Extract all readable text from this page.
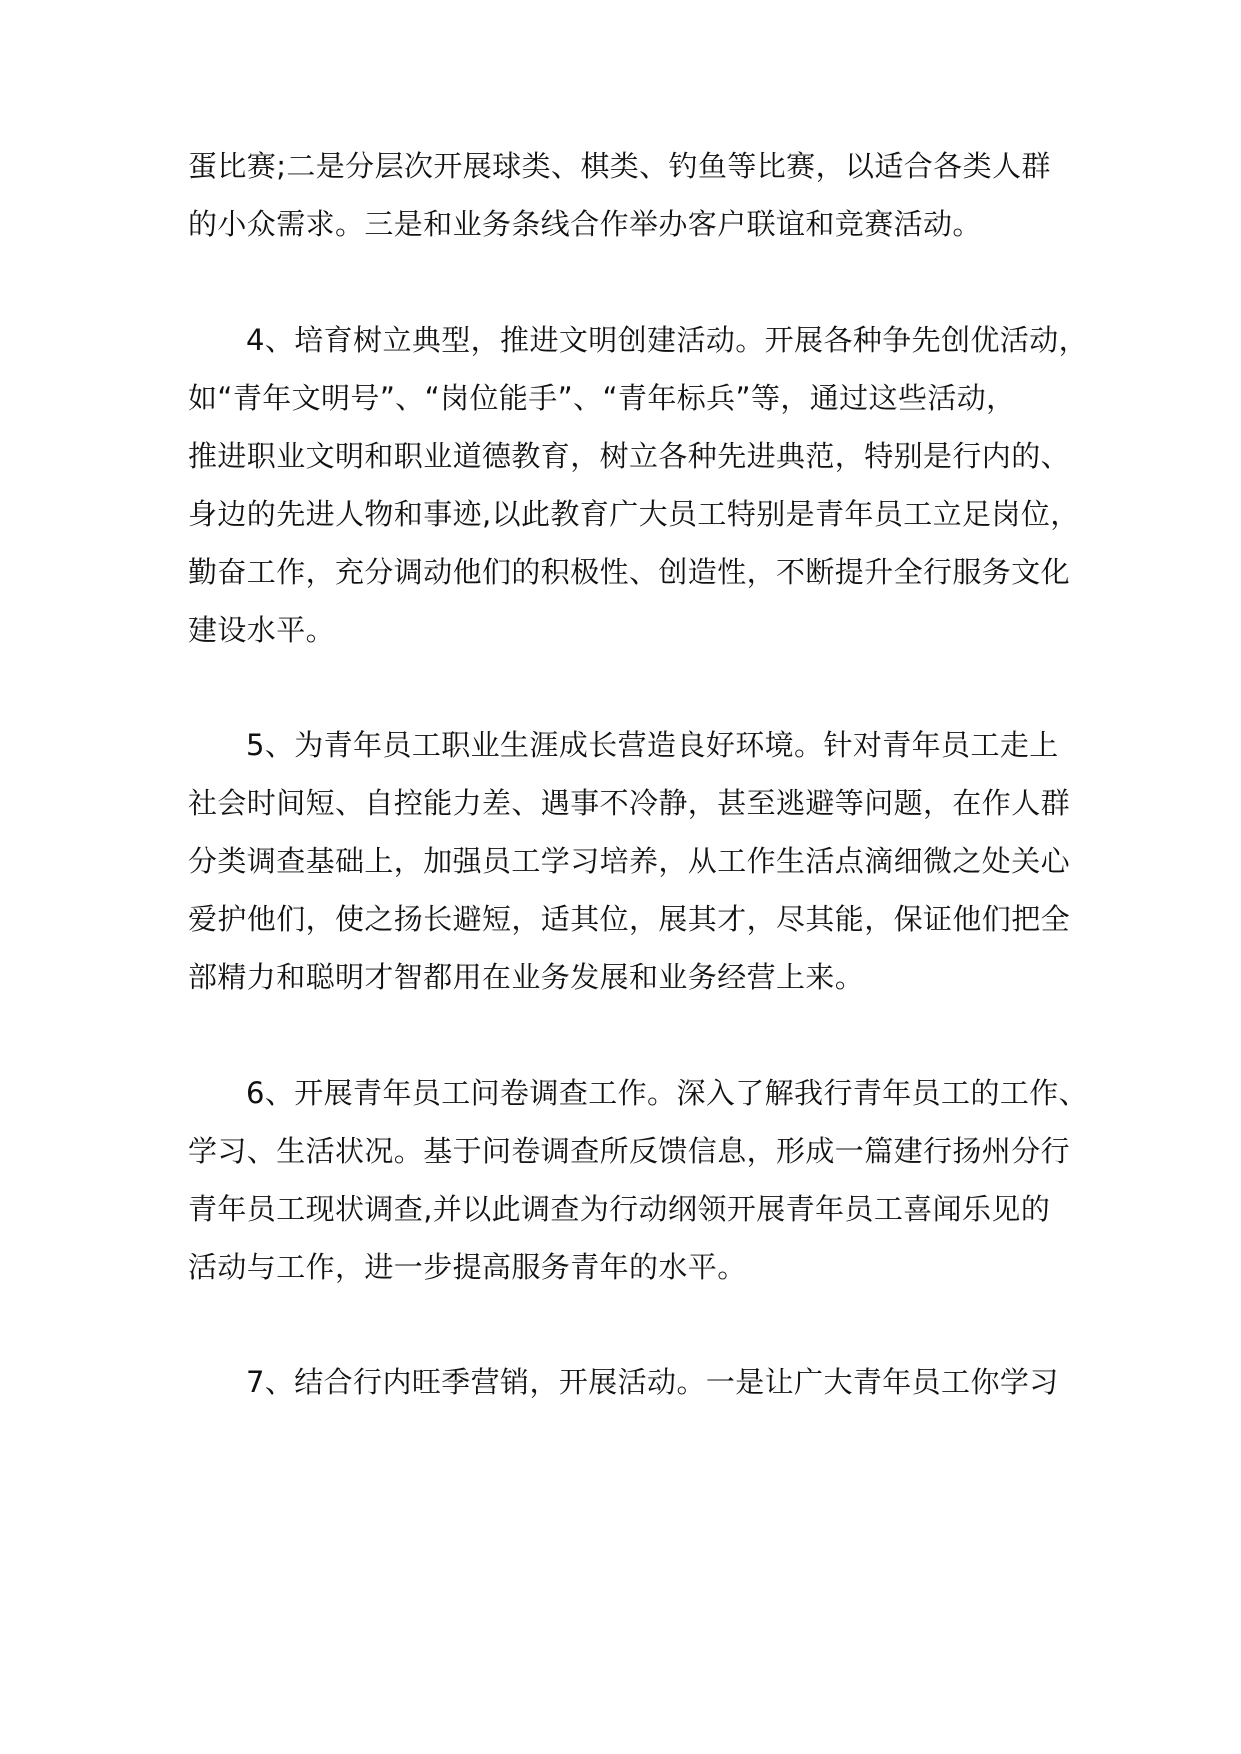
蛋比赛;二是分层次开展球类、棋类、钓鱼等比赛，以适合各类人群
的小众需求。三是和业务条线合作举办客户联谊和竞赛活动。
4、培育树立典型，推进文明创建活动。开展各种争先创优活动，
如“青年文明号”、“岗位能手”、“青年标兵”等，通过这些活动，
推进职业文明和职业道德教育，树立各种先进典范，特别是行内的、
身边的先进人物和事迹,以此教育广大员工特别是青年员工立足岗位，
勤奋工作，充分调动他们的积极性、创造性，不断提升全行服务文化
建设水平。
5、为青年员工职业生涯成长营造良好环境。针对青年员工走上
社会时间短、自控能力差、遇事不冷静，甚至逃避等问题，在作人群
分类调查基础上，加强员工学习培养，从工作生活点滴细微之处关心
爱护他们，使之扬长避短，适其位，展其才，尽其能，保证他们把全
部精力和聪明才智都用在业务发展和业务经营上来。
6、开展青年员工问卷调查工作。深入了解我行青年员工的工作、
学习、生活状况。基于问卷调查所反馈信息，形成一篇建行扬州分行
青年员工现状调查,并以此调查为行动纲领开展青年员工喜闻乐见的
活动与工作，进一步提高服务青年的水平。
7、结合行内旺季营销，开展活动。一是让广大青年员工你学习
